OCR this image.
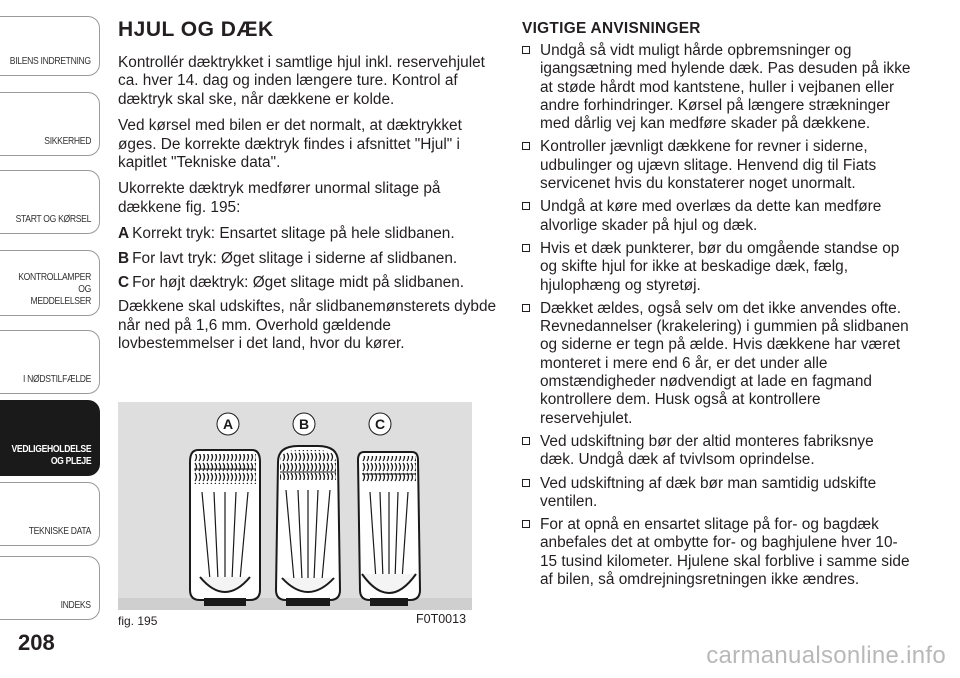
BILENS INDRETNING
SIKKERHED
START OG KØRSEL
KONTROLLAMPER
OG MEDDELELSER
I NØDSTILFÆLDE
VEDLIGEHOLDELSE
OG PLEJE
TEKNISKE DATA
INDEKS
208
HJUL OG DÆK

Kontrollér dæktrykket i samtlige hjul inkl. reservehjulet ca. hver 14. dag og inden længere ture. Kontrol af dæktryk skal ske, når dækkene er kolde.

Ved kørsel med bilen er det normalt, at dæktrykket øges. De korrekte dæktryk findes i afsnittet "Hjul" i kapitlet "Tekniske data".

Ukorrekte dæktryk medfører unormal slitage på dækkene fig. 195:

A Korrekt tryk: Ensartet slitage på hele slidbanen.
B For lavt tryk: Øget slitage i siderne af slidbanen.
C For højt dæktryk: Øget slitage midt på slidbanen.

Dækkene skal udskiftes, når slidbanemønsterets dybde når ned på 1,6 mm. Overhold gældende lovbestemmelser i det land, hvor du kører.

A	B	C
fig. 195	F0T0013
VIGTIGE ANVISNINGER
Undgå så vidt muligt hårde opbremsninger og igangsætning med hylende dæk. Pas desuden på ikke at støde hårdt mod kantstene, huller i vejbanen eller andre forhindringer. Kørsel på længere strækninger med dårlig vej kan medføre skader på dækkene.
Kontroller jævnligt dækkene for revner i siderne, udbulinger og ujævn slitage. Henvend dig til Fiats servicenet hvis du konstaterer noget unormalt.
Undgå at køre med overlæs da dette kan medføre alvorlige skader på hjul og dæk.
Hvis et dæk punkterer, bør du omgående standse op og skifte hjul for ikke at beskadige dæk, fælg, hjulophæng og styretøj.
Dækket ældes, også selv om det ikke anvendes ofte. Revnedannelser (krakelering) i gummien på slidbanen og siderne er tegn på ælde. Hvis dækkene har været monteret i mere end 6 år, er det under alle omstændigheder nødvendigt at lade en fagmand kontrollere dem. Husk også at kontrollere reservehjulet.
Ved udskiftning bør der altid monteres fabriksnye dæk. Undgå dæk af tvivlsom oprindelse.
Ved udskiftning af dæk bør man samtidig udskifte ventilen.
For at opnå en ensartet slitage på for- og bagdæk anbefales det at ombytte for- og baghjulene hver 10-15 tusind kilometer. Hjulene skal forblive i samme side af bilen, så omdrejningsretningen ikke ændres.
carmanualsonline.info
